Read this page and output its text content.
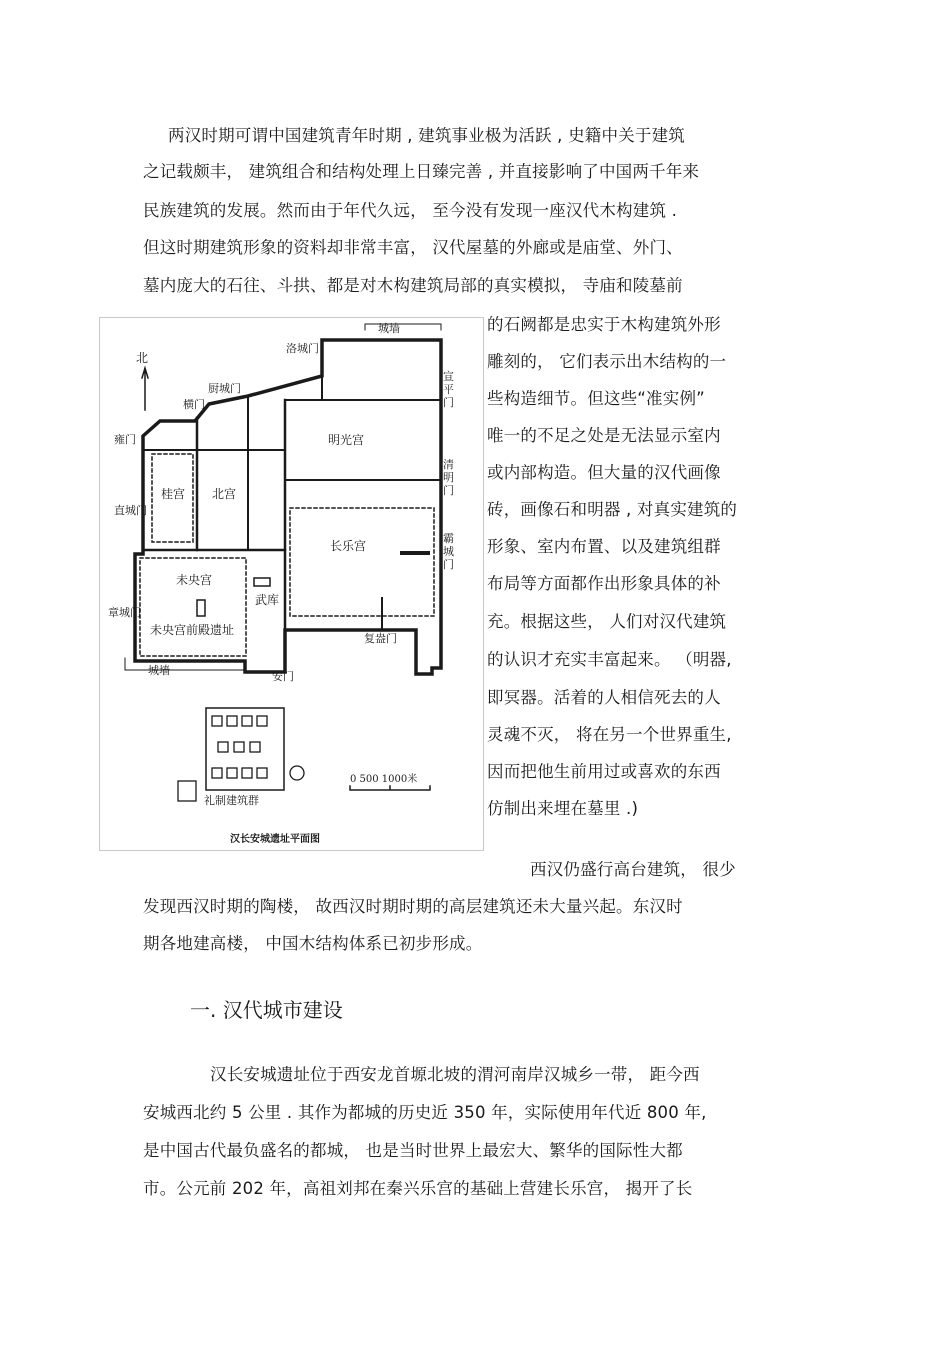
两汉时期可谓中国建筑青年时期 , 建筑事业极为活跃 , 史籍中关于建筑
之记载颇丰， 建筑组合和结构处理上日臻完善 , 并直接影响了中国两千年来
民族建筑的发展。然而由于年代久远， 至今没有发现一座汉代木构建筑 .
但这时期建筑形象的资料却非常丰富， 汉代屋墓的外廊或是庙堂、外门、
墓内庞大的石往、斗拱、都是对木构建筑局部的真实模拟， 寺庙和陵墓前
城墙
洛城门
厨城门
横门
北
雍门
直城门
章城门
城墙
明光宫
桂宫 北宫
长乐宫
未央宫
未央宫前殿遗址
武库
复盎门
安门
礼制建筑群
0 500 1000米
汉长安城遗址平面图
宣平门
清明门
霸城门
的石阙都是忠实于木构建筑外形
雕刻的， 它们表示出木结构的一
些构造细节。但这些“准实例”
唯一的不足之处是无法显示室内
或内部构造。但大量的汉代画像
砖，画像石和明器 , 对真实建筑的
形象、室内布置、以及建筑组群
布局等方面都作出形象具体的补
充。根据这些， 人们对汉代建筑
的认识才充实丰富起来。 （明器,
即冥器。活着的人相信死去的人
灵魂不灭， 将在另一个世界重生,
因而把他生前用过或喜欢的东西
仿制出来埋在墓里 .)
西汉仍盛行高台建筑， 很少
发现西汉时期的陶楼， 故西汉时期时期的高层建筑还未大量兴起。东汉时
期各地建高楼， 中国木结构体系已初步形成。
一. 汉代城市建设
汉长安城遗址位于西安龙首塬北坡的渭河南岸汉城乡一带， 距今西
安城西北约 5 公里 . 其作为都城的历史近 350 年，实际使用年代近 800 年,
是中国古代最负盛名的都城， 也是当时世界上最宏大、繁华的国际性大都
市。公元前 202 年，高祖刘邦在秦兴乐宫的基础上营建长乐宫， 揭开了长
